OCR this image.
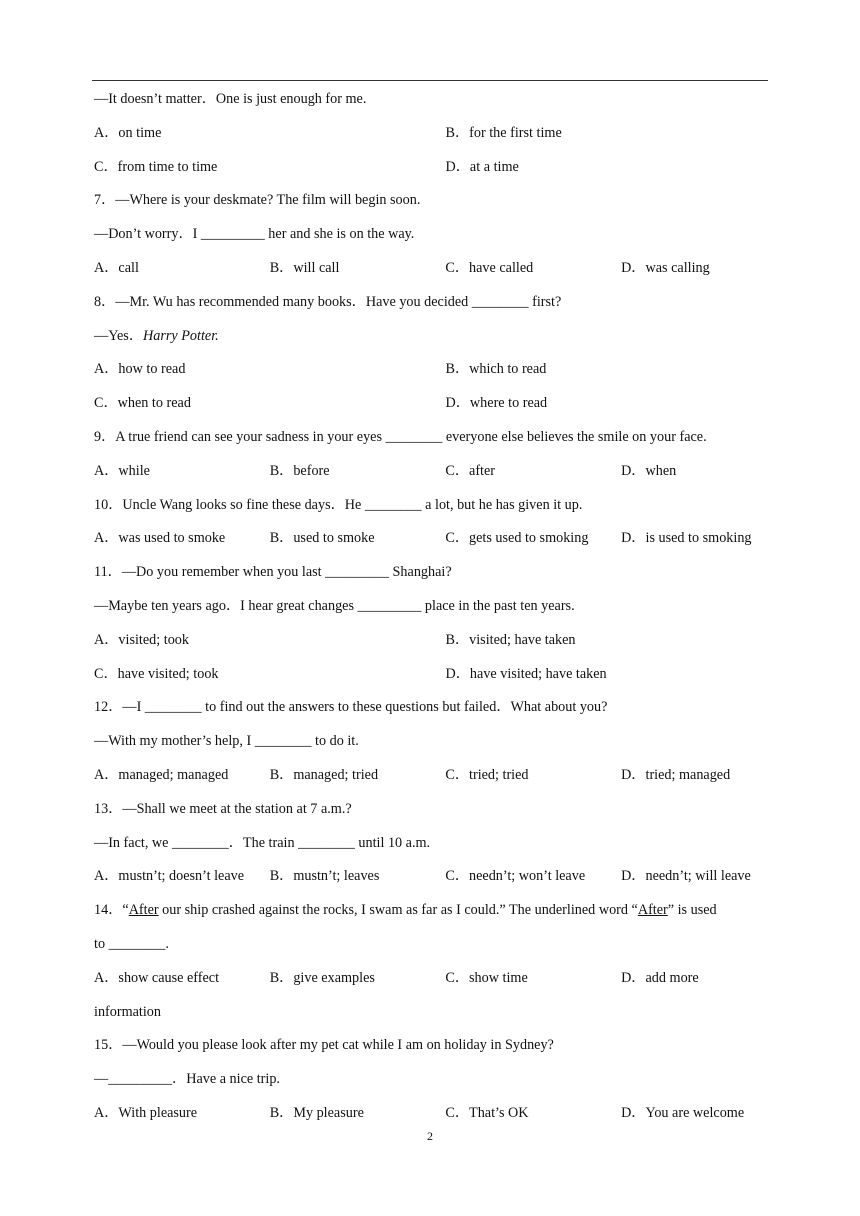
—It doesn’t matter．One is just enough for me.
A．on time	B．for the first time
C．from time to time	D．at a time
7．—Where is your deskmate? The film will begin soon.
—Don’t worry．I _________ her and she is on the way.
A．call	B．will call	C．have called	D．was calling
8．—Mr. Wu has recommended many books．Have you decided ________ first?
—Yes．Harry Potter.
A．how to read	B．which to read
C．when to read	D．where to read
9．A true friend can see your sadness in your eyes ________ everyone else believes the smile on your face.
A．while	B．before	C．after	D．when
10．Uncle Wang looks so fine these days．He ________ a lot, but he has given it up.
A．was used to smoke	B．used to smoke	C．gets used to smoking	D．is used to smoking
11．—Do you remember when you last _________ Shanghai?
—Maybe ten years ago．I hear great changes _________ place in the past ten years.
A．visited; took	B．visited; have taken
C．have visited; took	D．have visited; have taken
12．—I ________ to find out the answers to these questions but failed．What about you?
—With my mother’s help, I ________ to do it.
A．managed; managed	B．managed; tried	C．tried; tried	D．tried; managed
13．—Shall we meet at the station at 7 a.m.?
—In fact, we ________．The train ________ until 10 a.m.
A．mustn’t; doesn’t leave	B．mustn’t; leaves	C．needn’t; won’t leave	D．needn’t; will leave
14．“After our ship crashed against the rocks, I swam as far as I could.” The underlined word “After” is used
to ________.
A．show cause effect	B．give examples	C．show time	D．add more
information
15．—Would you please look after my pet cat while I am on holiday in Sydney?
—_________．Have a nice trip.
A．With pleasure	B．My pleasure	C．That’s OK	D．You are welcome
2
